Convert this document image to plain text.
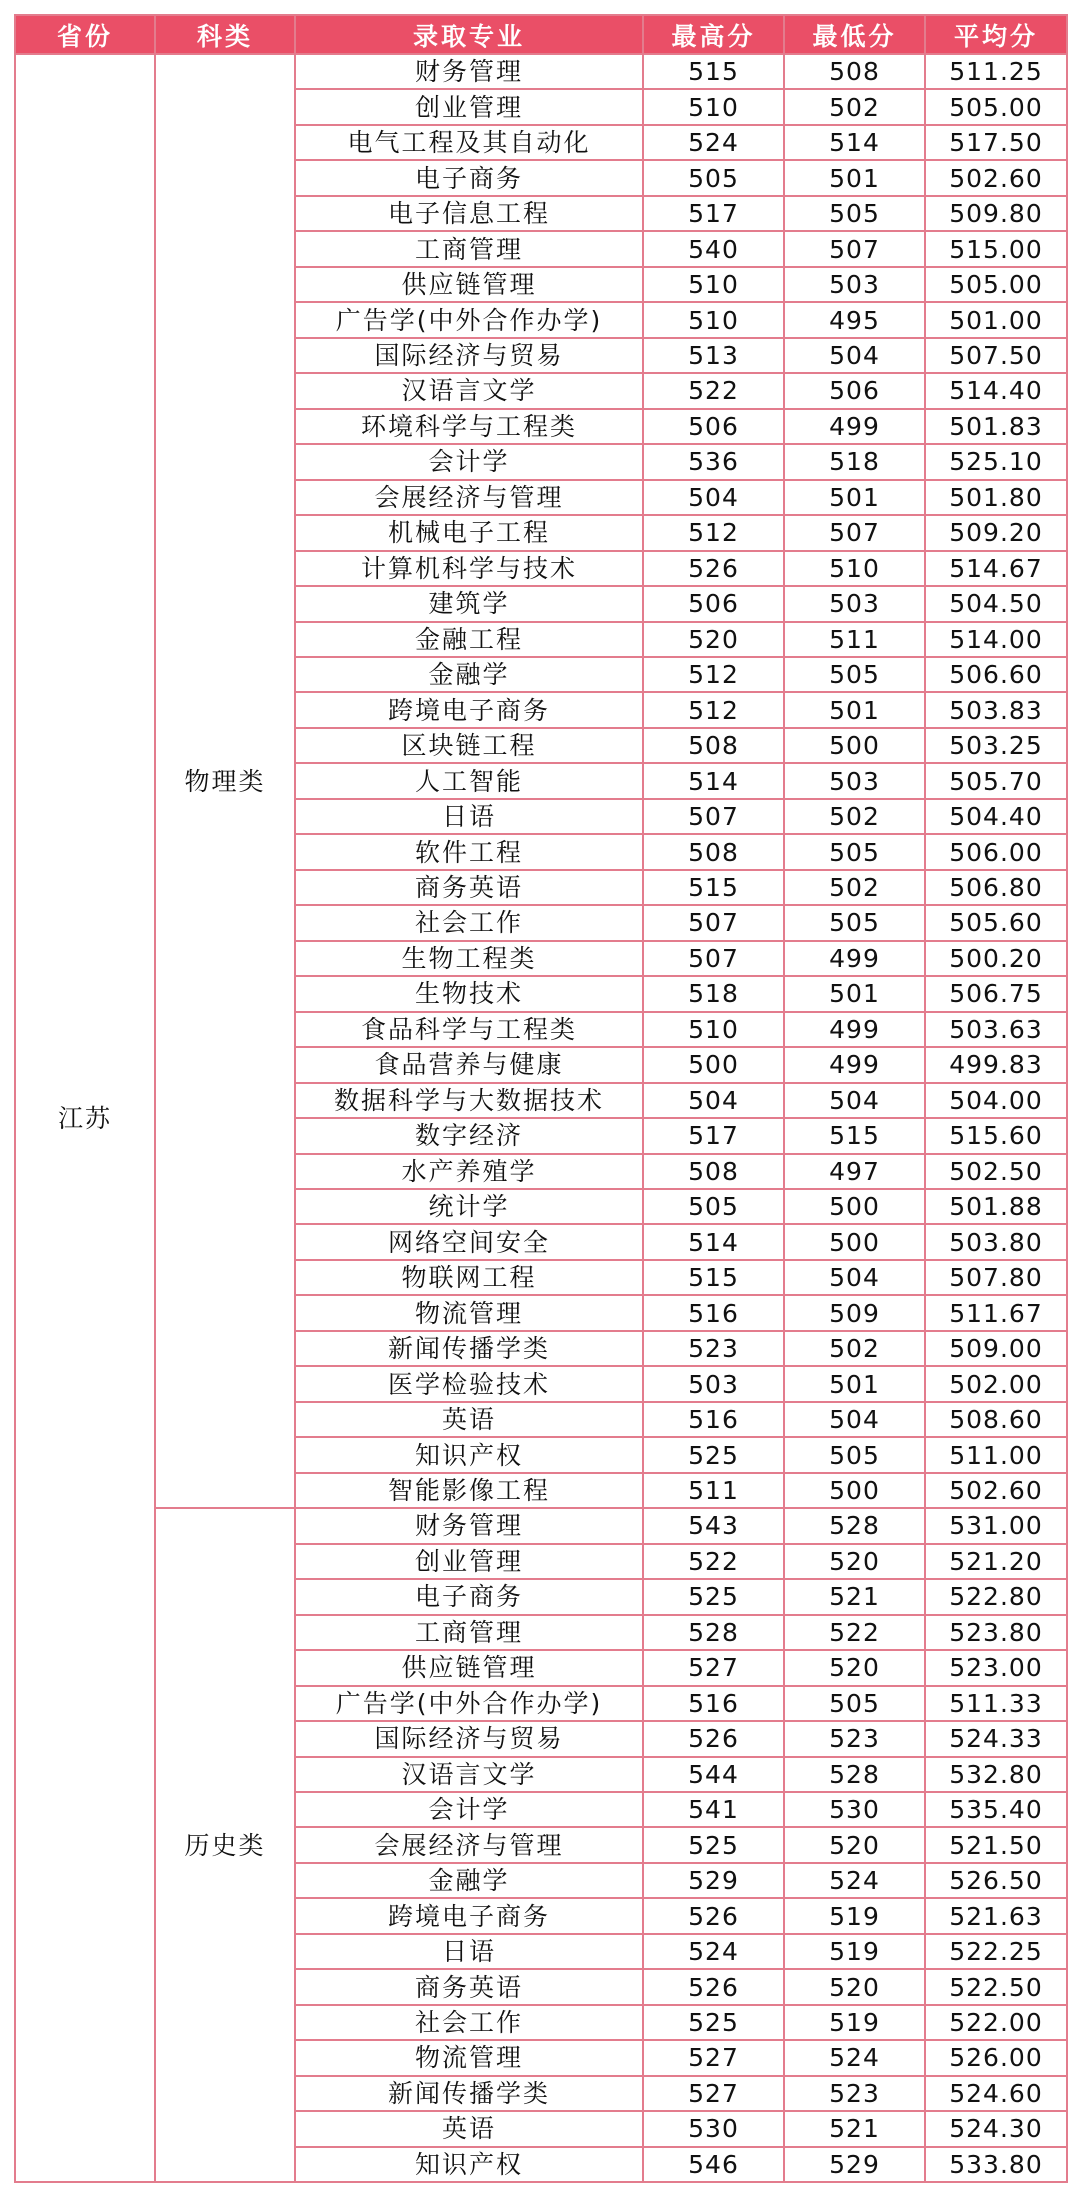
省份	科类	录取专业	最高分	最低分	平均分
江苏	物理类	财务管理	515	508	511.25
		创业管理	510	502	505.00
		电气工程及其自动化	524	514	517.50
		电子商务	505	501	502.60
		电子信息工程	517	505	509.80
		工商管理	540	507	515.00
		供应链管理	510	503	505.00
		广告学(中外合作办学)	510	495	501.00
		国际经济与贸易	513	504	507.50
		汉语言文学	522	506	514.40
		环境科学与工程类	506	499	501.83
		会计学	536	518	525.10
		会展经济与管理	504	501	501.80
		机械电子工程	512	507	509.20
		计算机科学与技术	526	510	514.67
		建筑学	506	503	504.50
		金融工程	520	511	514.00
		金融学	512	505	506.60
		跨境电子商务	512	501	503.83
		区块链工程	508	500	503.25
		人工智能	514	503	505.70
		日语	507	502	504.40
		软件工程	508	505	506.00
		商务英语	515	502	506.80
		社会工作	507	505	505.60
		生物工程类	507	499	500.20
		生物技术	518	501	506.75
		食品科学与工程类	510	499	503.63
		食品营养与健康	500	499	499.83
		数据科学与大数据技术	504	504	504.00
		数字经济	517	515	515.60
		水产养殖学	508	497	502.50
		统计学	505	500	501.88
		网络空间安全	514	500	503.80
		物联网工程	515	504	507.80
		物流管理	516	509	511.67
		新闻传播学类	523	502	509.00
		医学检验技术	503	501	502.00
		英语	516	504	508.60
		知识产权	525	505	511.00
		智能影像工程	511	500	502.60
	历史类	财务管理	543	528	531.00
		创业管理	522	520	521.20
		电子商务	525	521	522.80
		工商管理	528	522	523.80
		供应链管理	527	520	523.00
		广告学(中外合作办学)	516	505	511.33
		国际经济与贸易	526	523	524.33
		汉语言文学	544	528	532.80
		会计学	541	530	535.40
		会展经济与管理	525	520	521.50
		金融学	529	524	526.50
		跨境电子商务	526	519	521.63
		日语	524	519	522.25
		商务英语	526	520	522.50
		社会工作	525	519	522.00
		物流管理	527	524	526.00
		新闻传播学类	527	523	524.60
		英语	530	521	524.30
		知识产权	546	529	533.80
